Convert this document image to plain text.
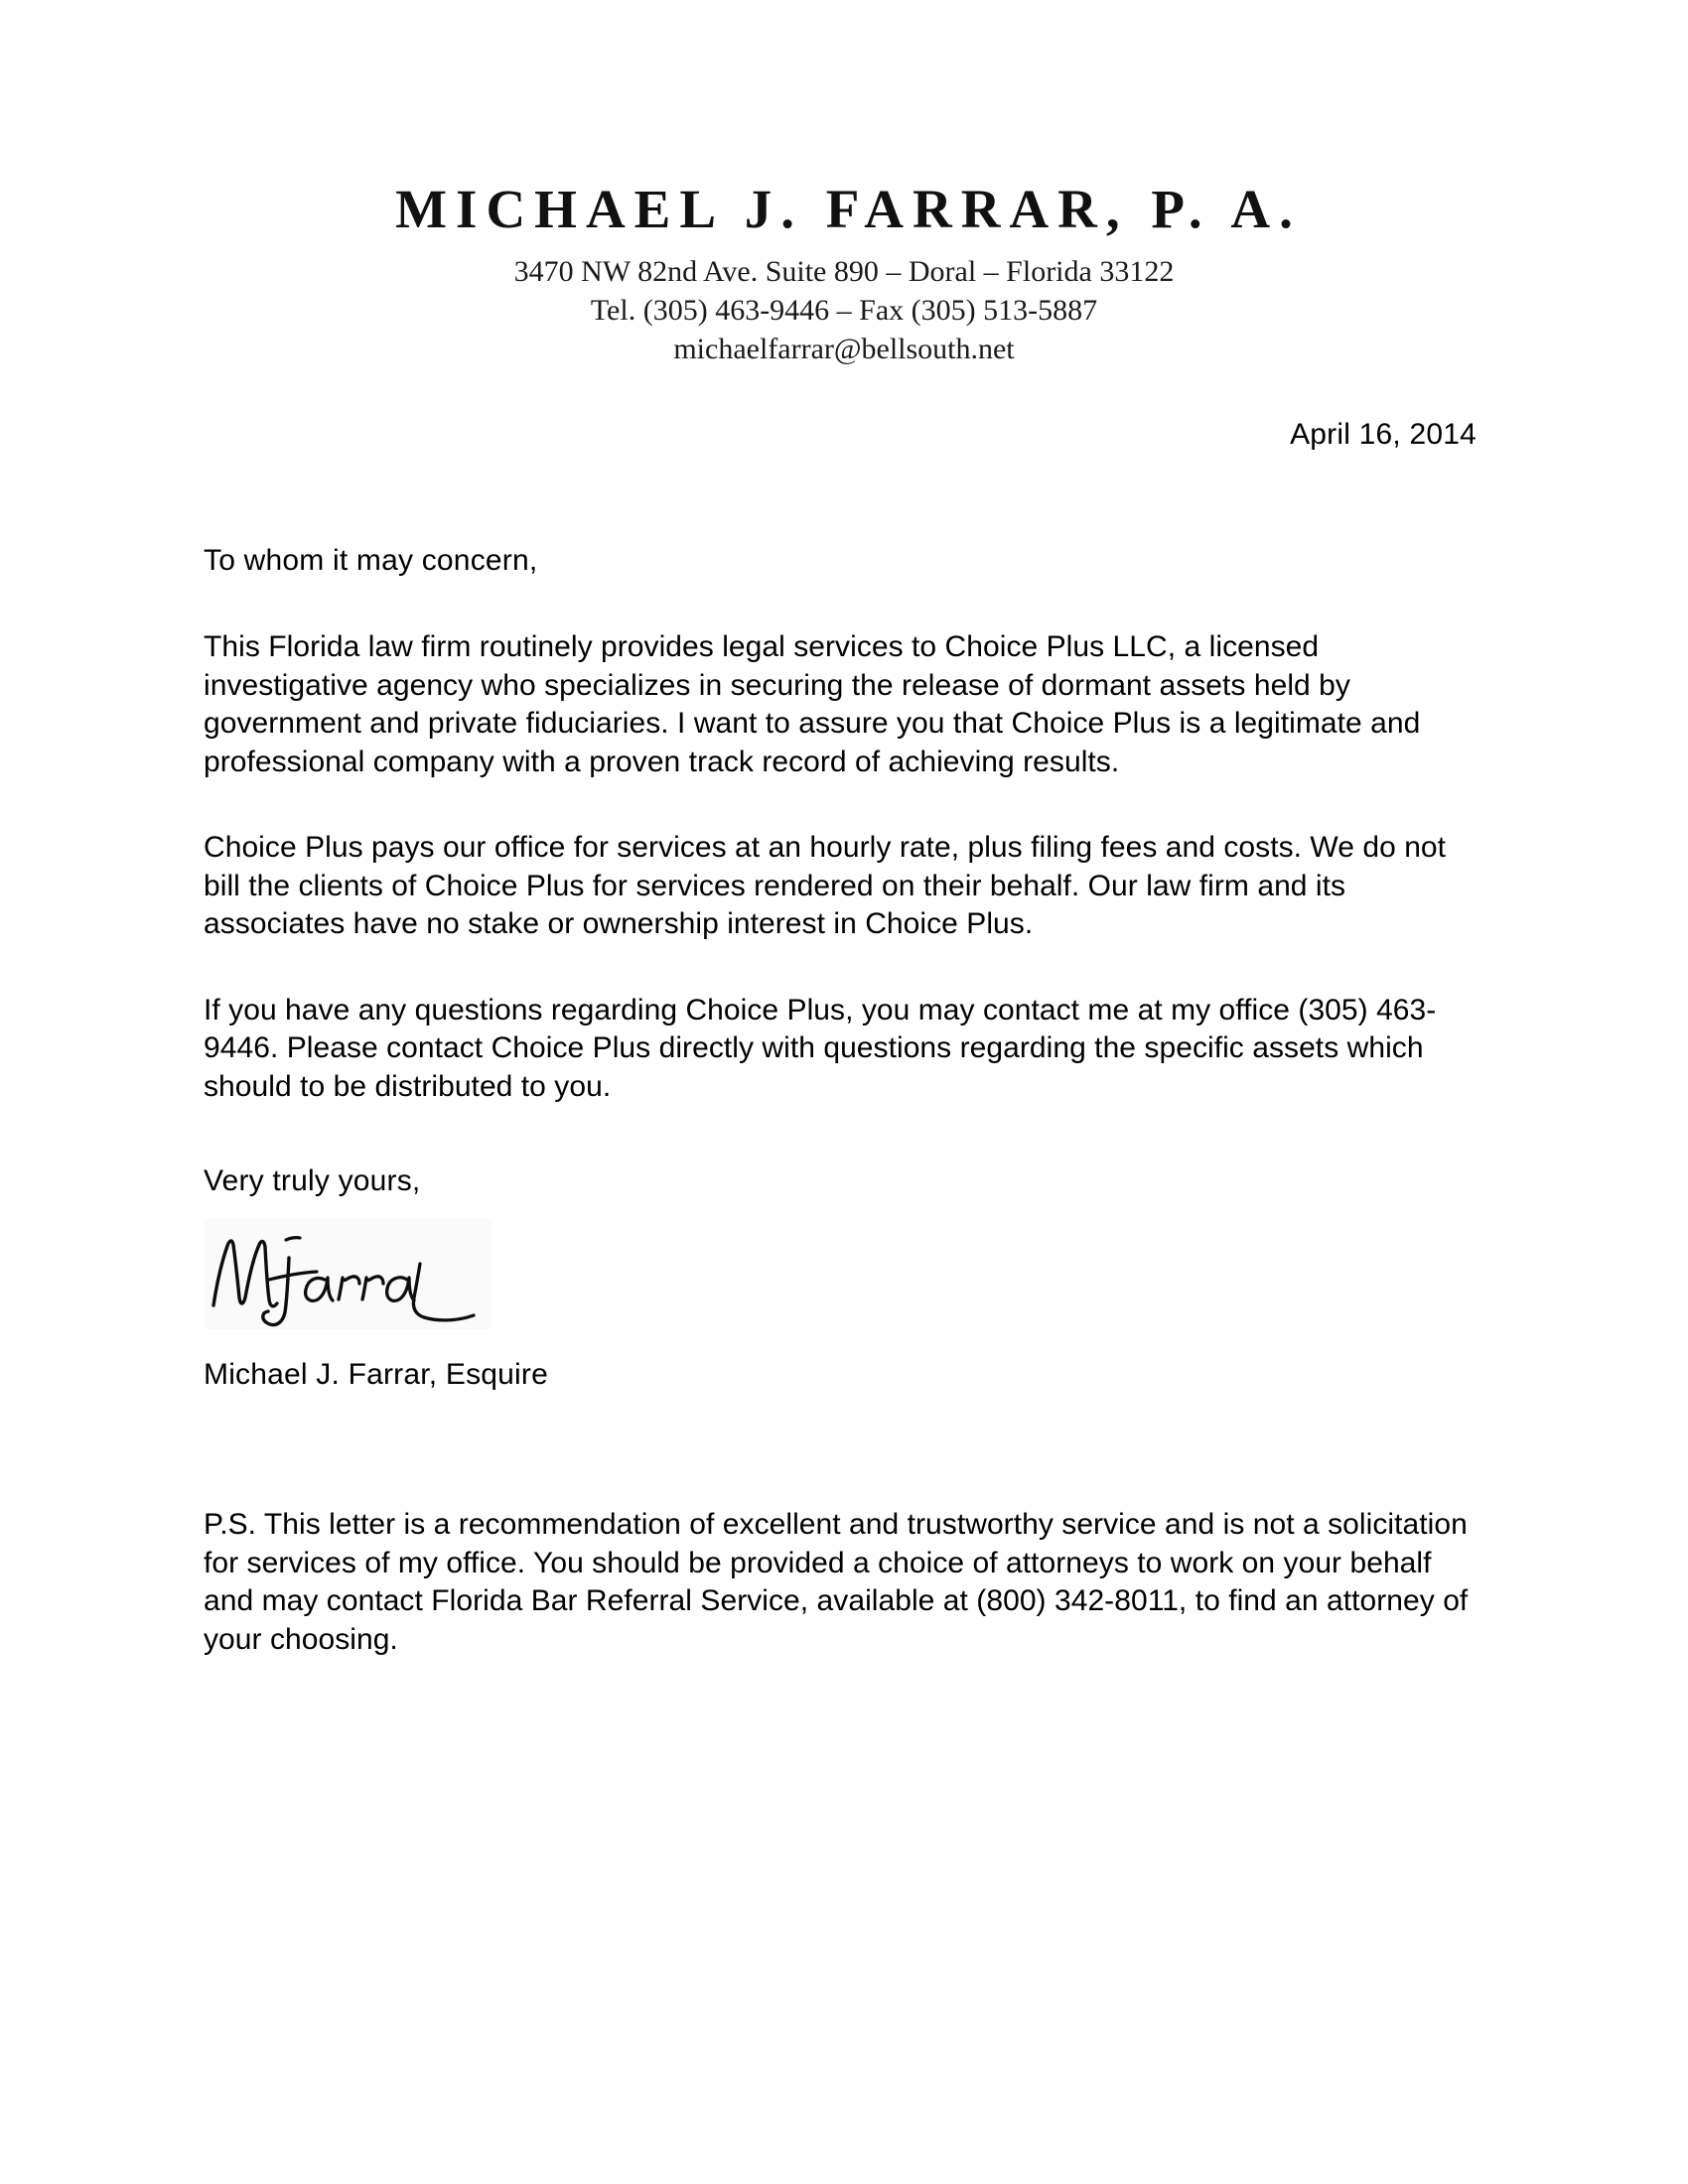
MICHAEL J. FARRAR, P. A.
3470 NW 82nd Ave. Suite 890 – Doral – Florida 33122
Tel. (305) 463-9446 – Fax (305) 513-5887
michaelfarrar@bellsouth.net
April 16, 2014
To whom it may concern,

This Florida law firm routinely provides legal services to Choice Plus LLC, a licensed investigative agency who specializes in securing the release of dormant assets held by government and private fiduciaries. I want to assure you that Choice Plus is a legitimate and professional company with a proven track record of achieving results.

Choice Plus pays our office for services at an hourly rate, plus filing fees and costs. We do not bill the clients of Choice Plus for services rendered on their behalf. Our law firm and its associates have no stake or ownership interest in Choice Plus.

If you have any questions regarding Choice Plus, you may contact me at my office (305) 463-9446. Please contact Choice Plus directly with questions regarding the specific assets which should to be distributed to you.

Very truly yours,
Michael J. Farrar, Esquire

P.S. This letter is a recommendation of excellent and trustworthy service and is not a solicitation for services of my office. You should be provided a choice of attorneys to work on your behalf and may contact Florida Bar Referral Service, available at (800) 342-8011, to find an attorney of your choosing.
